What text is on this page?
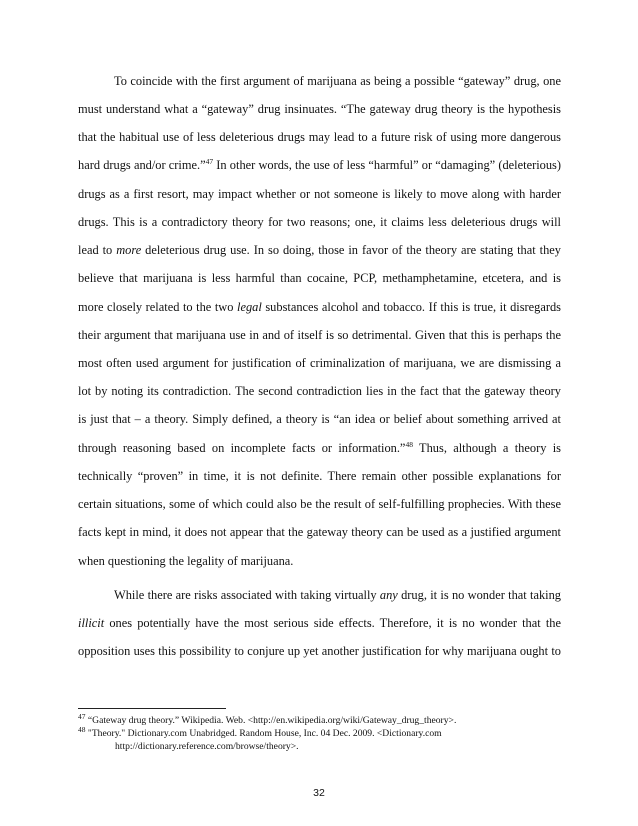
To coincide with the first argument of marijuana as being a possible “gateway” drug, one
must understand what a “gateway” drug insinuates. “The gateway drug theory is the hypothesis
that the habitual use of less deleterious drugs may lead to a future risk of using more dangerous
hard drugs and/or crime.”$^{47}$ In other words, the use of less “harmful” or “damaging” (deleterious)
drugs as a first resort, may impact whether or not someone is likely to move along with harder
drugs. This is a contradictory theory for two reasons; one, it claims less deleterious drugs will
lead to more deleterious drug use. In so doing, those in favor of the theory are stating that they
believe that marijuana is less harmful than cocaine, PCP, methamphetamine, etcetera, and is
more closely related to the two legal substances alcohol and tobacco. If this is true, it disregards
their argument that marijuana use in and of itself is so detrimental. Given that this is perhaps the
most often used argument for justification of criminalization of marijuana, we are dismissing a
lot by noting its contradiction. The second contradiction lies in the fact that the gateway theory
is just that – a theory. Simply defined, a theory is “an idea or belief about something arrived at
through reasoning based on incomplete facts or information.”$^{48}$ Thus, although a theory is
technically “proven” in time, it is not definite. There remain other possible explanations for
certain situations, some of which could also be the result of self-fulfilling prophecies. With these
facts kept in mind, it does not appear that the gateway theory can be used as a justified argument
when questioning the legality of marijuana.
While there are risks associated with taking virtually any drug, it is no wonder that taking
illicit ones potentially have the most serious side effects. Therefore, it is no wonder that the
opposition uses this possibility to conjure up yet another justification for why marijuana ought to
$^{47}$ “Gateway drug theory.” Wikipedia. Web. <http://en.wikipedia.org/wiki/Gateway_drug_theory>.
$^{48}$ "Theory." Dictionary.com Unabridged. Random House, Inc. 04 Dec. 2009. <Dictionary.com
http://dictionary.reference.com/browse/theory>.
32
